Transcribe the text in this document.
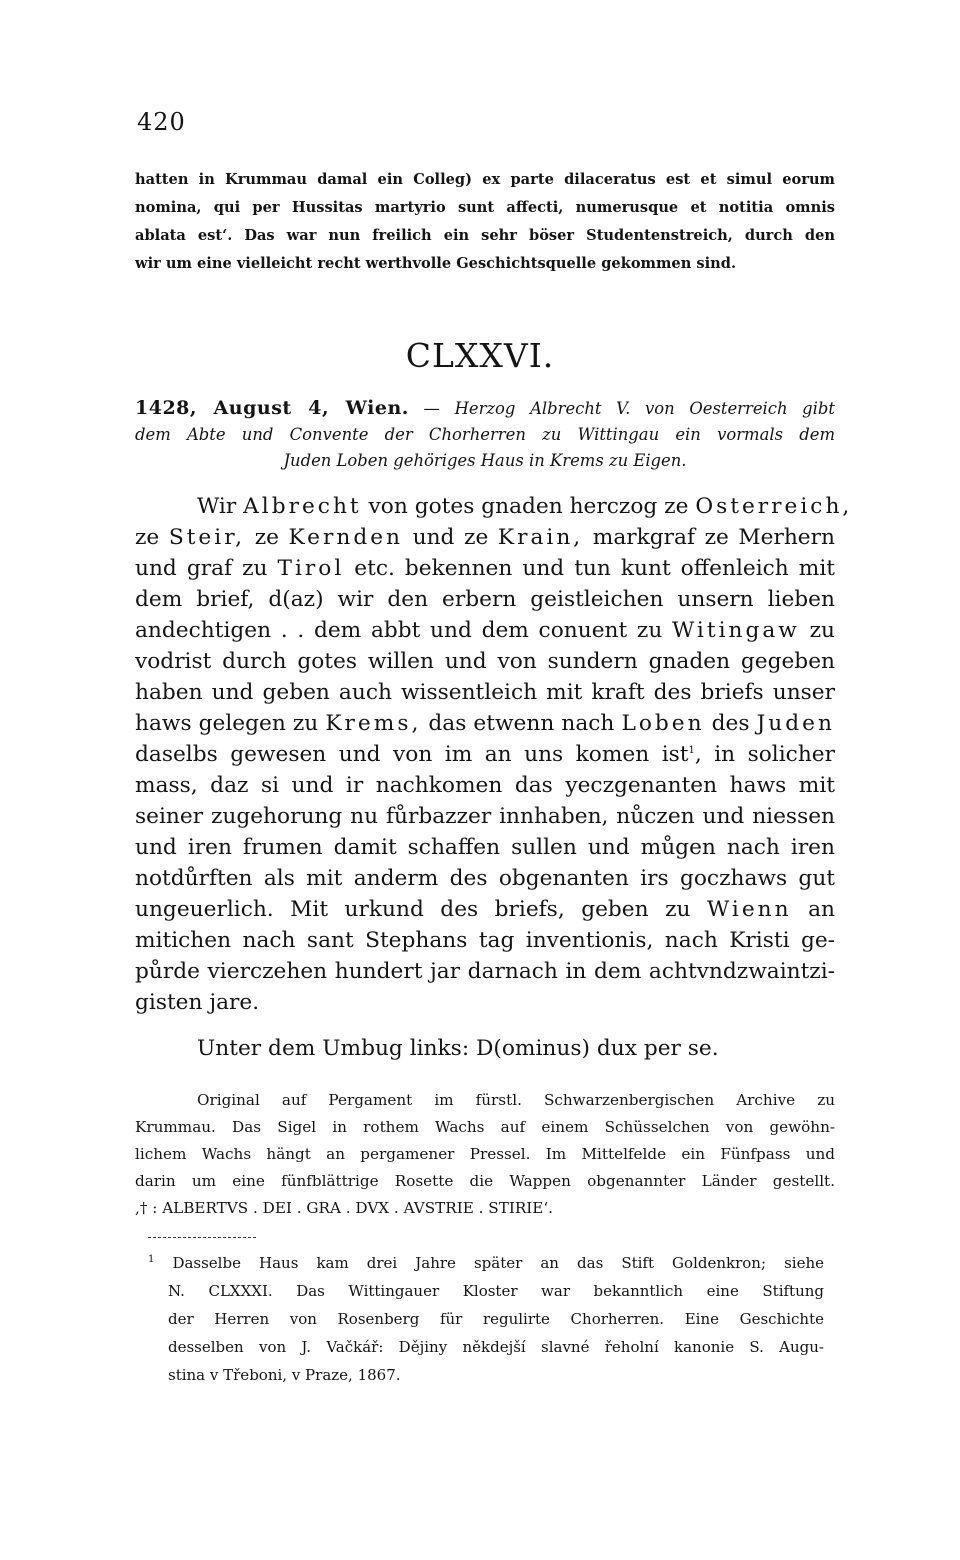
420
hatten in Krummau damal ein Colleg) ex parte dilaceratus est et simul eorum
nomina, qui per Hussitas martyrio sunt affecti, numerusque et notitia omnis
ablata est‘. Das war nun freilich ein sehr böser Studentenstreich, durch den
wir um eine vielleicht recht werthvolle Geschichtsquelle gekommen sind.
CLXXVI.
1428, August 4, Wien. — Herzog Albrecht V. von Oesterreich gibt
dem Abte und Convente der Chorherren zu Wittingau ein vormals dem
Juden Loben gehöriges Haus in Krems zu Eigen.
Wir Albrecht von gotes gnaden herczog ze Osterreich,
ze Steir, ze Kernden und ze Krain, markgraf ze Merhern
und graf zu Tirol etc. bekennen und tun kunt offenleich mit
dem brief, d(az) wir den erbern geistleichen unsern lieben
andechtigen . . dem abbt und dem conuent zu Witingaw zu
vodrist durch gotes willen und von sundern gnaden gegeben
haben und geben auch wissentleich mit kraft des briefs unser
haws gelegen zu Krems, das etwenn nach Loben des Juden
daselbs gewesen und von im an uns komen ist$^1$, in solicher
mass, daz si und ir nachkomen das yeczgenanten haws mit
seiner zugehorung nu fůrbazzer innhaben, nůczen und niessen
und iren frumen damit schaffen sullen und můgen nach iren
notdůrften als mit anderm des obgenanten irs goczhaws gut
ungeuerlich. Mit urkund des briefs, geben zu Wienn an
mitichen nach sant Stephans tag inventionis, nach Kristi ge-
půrde vierczehen hundert jar darnach in dem achtvndzwaintzi-
gisten jare.
Unter dem Umbug links: D(ominus) dux per se.
Original auf Pergament im fürstl. Schwarzenbergischen Archive zu
Krummau. Das Sigel in rothem Wachs auf einem Schüsselchen von gewöhn-
lichem Wachs hängt an pergamener Pressel. Im Mittelfelde ein Fünfpass und
darin um eine fünfblättrige Rosette die Wappen obgenannter Länder gestellt.
,† : ALBERTVS . DEI . GRA . DVX . AVSTRIE . STIRIE‘.
$^1$ Dasselbe Haus kam drei Jahre später an das Stift Goldenkron; siehe
N. CLXXXI. Das Wittingauer Kloster war bekanntlich eine Stiftung
der Herren von Rosenberg für regulirte Chorherren. Eine Geschichte
desselben von J. Vačkář: Dějiny někdejší slavné řeholní kanonie S. Augu-
stina v Třeboni, v Praze, 1867.
